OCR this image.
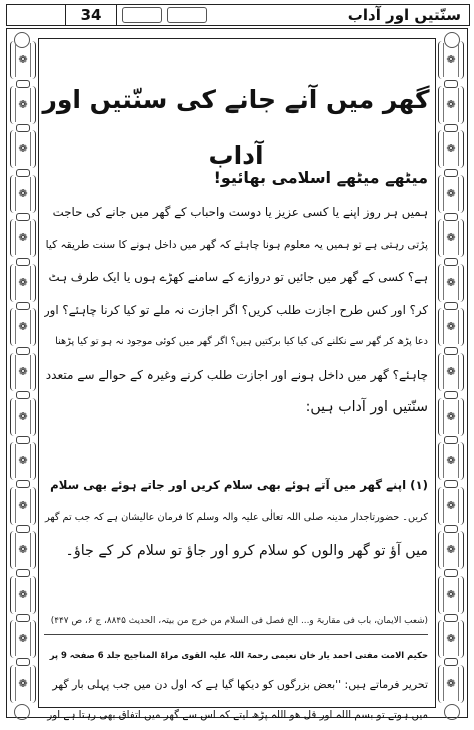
سنّتیں اور آداب
34
❁
❁
❁
❁
❁
❁
❁
❁
❁
❁
❁
❁
❁
❁
❁
❁
❁
❁
❁
❁
❁
❁
❁
❁
❁
❁
❁
❁
❁
❁
گھر میں آنے جانے کی سنّتیں اور آداب
میٹھے میٹھے اسلامی بھائیو!
ہمیں ہر روز اپنے یا کسی عزیز یا دوست واحباب کے گھر میں جانے کی حاجت
پڑتی رہتی ہے تو ہمیں یہ معلوم ہونا چاہئے کہ گھر میں داخل ہونے کا سنت طریقہ کیا
ہے؟ کسی کے گھر میں جائیں تو دروازے کے سامنے کھڑے ہوں یا ایک طرف ہٹ
کر؟ اور کس طرح اجازت طلب کریں؟ اگر اجازت نہ ملے تو کیا کرنا چاہئے؟ اور
دعا پڑھ کر گھر سے نکلنے کی کیا کیا برکتیں ہیں؟ اگر گھر میں کوئی موجود نہ ہو تو کیا پڑھنا
چاہئے؟ گھر میں داخل ہونے اور اجازت طلب کرنے وغیرہ کے حوالے سے متعدد
سنّتیں اور آداب ہیں:
(۱) اپنے گھر میں آتے ہوئے بھی سلام کریں اور جاتے ہوئے بھی سلام
کریں۔ حضورتاجدار مدینہ صلی اللہ تعالٰی علیہ والہ وسلم کا فرمان عالیشان ہے کہ جب تم گھر
میں آؤ تو گھر والوں کو سلام کرو اور جاؤ تو سلام کر کے جاؤ۔
(شعب الایمان، باب فی مقاربۃ و... الخ فصل فی السلام من خرج من بیتہ، الحدیث ۸۸۴۵، ج ۶، ص ۴۴۷)
حکیم الامت مفتی احمد یار خان نعیمی رحمۃ اللہ علیہ القوی مراۃ المناجیح جلد 6 صفحہ 9 پر
تحریر فرماتے ہیں: ''بعض بزرگوں کو دیکھا گیا ہے کہ اول دن میں جب پہلی بار گھر
میں ہوتے تو بسم اللہ اور قل ھو اللہ پڑھ لیتے کہ اس سے گھر میں اتفاق بھی رہتا ہے اور
